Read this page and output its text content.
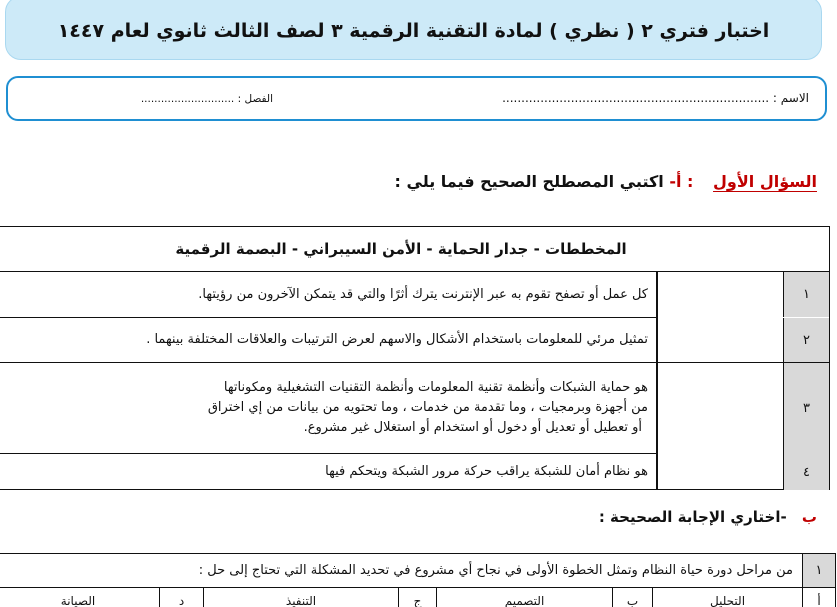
اختبار فتري ٢ ( نظري ) لمادة التقنية الرقمية ٣ لصف الثالث ثانوي لعام ١٤٤٧
الاسم : ......................................................................
الفصل : ............................
السؤال الأول : أ- اكتبي المصطلح الصحيح فيما يلي :
المخططات - جدار الحماية - الأمن السيبراني - البصمة الرقمية
١
كل عمل أو تصفح تقوم به عبر الإنترنت يترك أثرًا والتي قد يتمكن الآخرون من رؤيتها.
٢
تمثيل مرئي للمعلومات باستخدام الأشكال والاسهم لعرض الترتيبات والعلاقات المختلفة بينهما .
٣
هو حماية الشبكات وأنظمة تقنية المعلومات وأنظمة التقنيات التشغيلية ومكوناتها
من أجهزة وبرمجيات ، وما تقدمة من خدمات ، وما تحتويه من بيانات من إي اختراق
أو تعطيل أو تعديل أو دخول أو استخدام أو استغلال غير مشروع.
٤
هو نظام أمان للشبكة يراقب حركة مرور الشبكة ويتحكم فيها
ب -اختاري الإجابة الصحيحة :
١
من مراحل دورة حياة النظام وتمثل الخطوة الأولى في نجاح أي مشروع في تحديد المشكلة التي تحتاج إلى حل :
أ
التحليل
ب
التصميم
ج
التنفيذ
د
الصيانة
